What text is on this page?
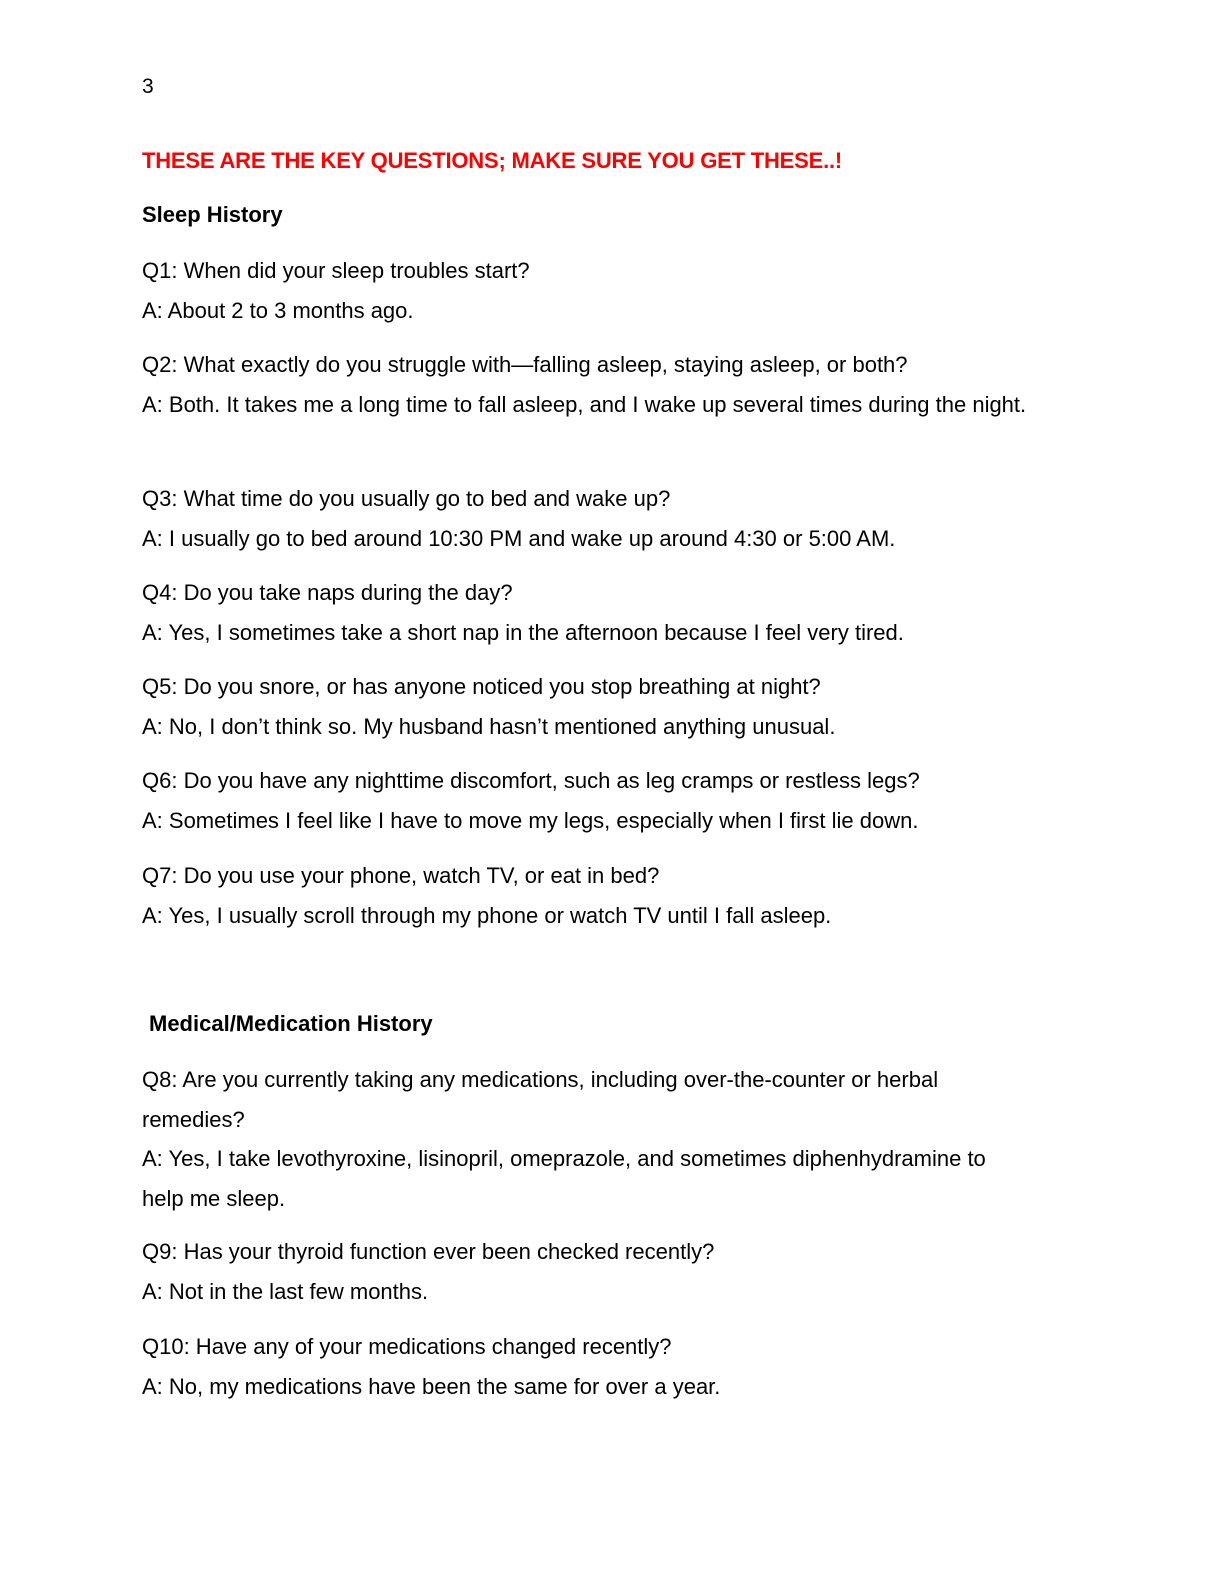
3
THESE ARE THE KEY QUESTIONS; MAKE SURE YOU GET THESE..!
Sleep History

Q1: When did your sleep troubles start?

A: About 2 to 3 months ago.

Q2: What exactly do you struggle with—falling asleep, staying asleep, or both?

A: Both. It takes me a long time to fall asleep, and I wake up several times during the night.

Q3: What time do you usually go to bed and wake up?

A: I usually go to bed around 10:30 PM and wake up around 4:30 or 5:00 AM.

Q4: Do you take naps during the day?

A: Yes, I sometimes take a short nap in the afternoon because I feel very tired.

Q5: Do you snore, or has anyone noticed you stop breathing at night?

A: No, I don’t think so. My husband hasn’t mentioned anything unusual.

Q6: Do you have any nighttime discomfort, such as leg cramps or restless legs?

A: Sometimes I feel like I have to move my legs, especially when I first lie down.

Q7: Do you use your phone, watch TV, or eat in bed?

A: Yes, I usually scroll through my phone or watch TV until I fall asleep.

Medical/Medication History

Q8: Are you currently taking any medications, including over-the-counter or herbal remedies?

A: Yes, I take levothyroxine, lisinopril, omeprazole, and sometimes diphenhydramine to help me sleep.

Q9: Has your thyroid function ever been checked recently?

A: Not in the last few months.

Q10: Have any of your medications changed recently?

A: No, my medications have been the same for over a year.
